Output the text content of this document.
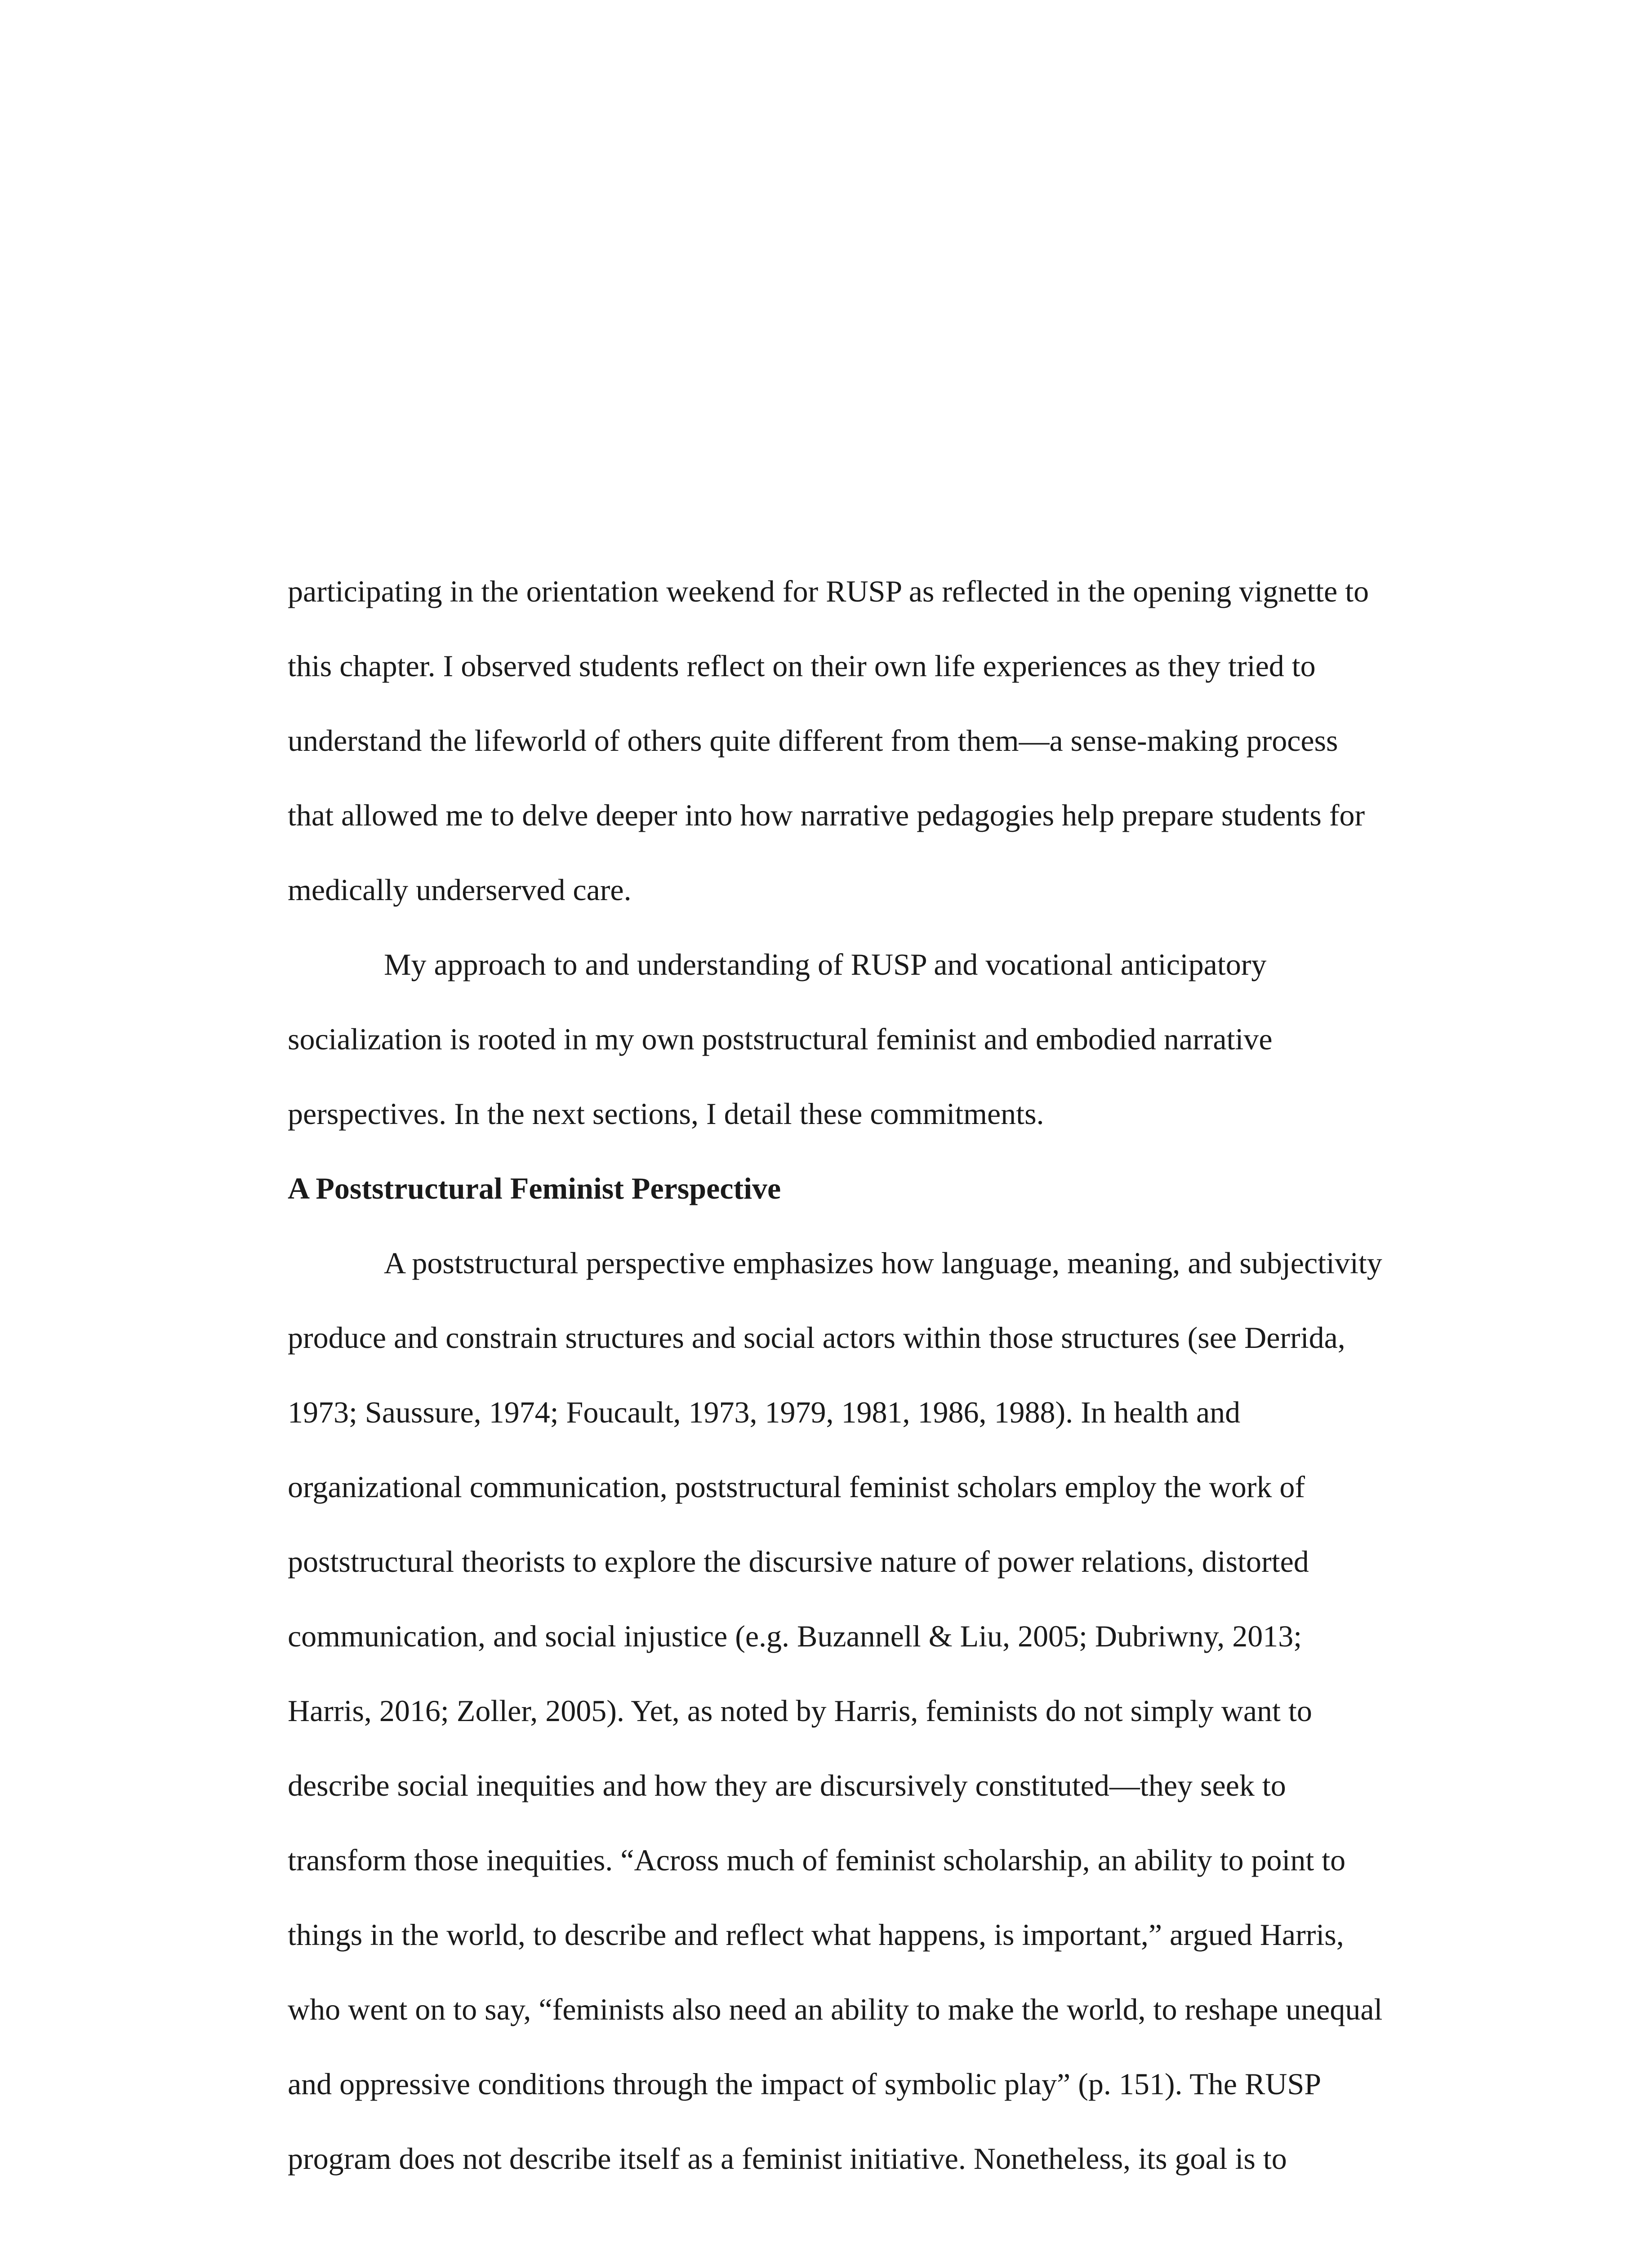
participating in the orientation weekend for RUSP as reflected in the opening vignette to
this chapter. I observed students reflect on their own life experiences as they tried to
understand the lifeworld of others quite different from them—a sense-making process
that allowed me to delve deeper into how narrative pedagogies help prepare students for
medically underserved care.
My approach to and understanding of RUSP and vocational anticipatory
socialization is rooted in my own poststructural feminist and embodied narrative
perspectives. In the next sections, I detail these commitments.
A Poststructural Feminist Perspective
A poststructural perspective emphasizes how language, meaning, and subjectivity
produce and constrain structures and social actors within those structures (see Derrida,
1973; Saussure, 1974; Foucault, 1973, 1979, 1981, 1986, 1988). In health and
organizational communication, poststructural feminist scholars employ the work of
poststructural theorists to explore the discursive nature of power relations, distorted
communication, and social injustice (e.g. Buzannell & Liu, 2005; Dubriwny, 2013;
Harris, 2016; Zoller, 2005). Yet, as noted by Harris, feminists do not simply want to
describe social inequities and how they are discursively constituted—they seek to
transform those inequities. “Across much of feminist scholarship, an ability to point to
things in the world, to describe and reflect what happens, is important,” argued Harris,
who went on to say, “feminists also need an ability to make the world, to reshape unequal
and oppressive conditions through the impact of symbolic play” (p. 151). The RUSP
program does not describe itself as a feminist initiative. Nonetheless, its goal is to
